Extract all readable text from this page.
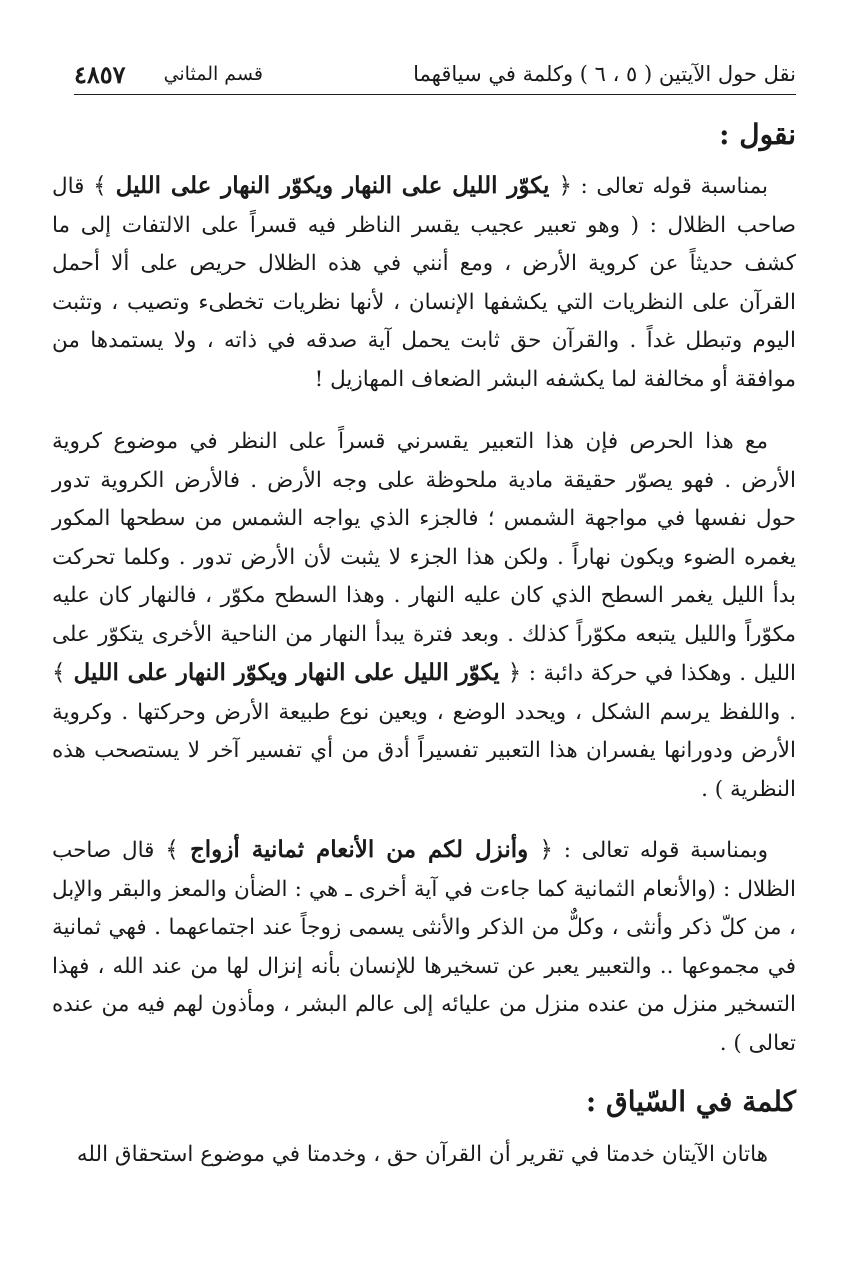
نقل حول الآيتين ( ٥ ، ٦ ) وكلمة في سياقهما
قسم المثاني
٤٨٥٧
نقول :

بمناسبة قوله تعالى : ﴿ يكوّر الليل على النهار ويكوّر النهار على الليل ﴾ قال صاحب الظلال : ( وهو تعبير عجيب يقسر الناظر فيه قسراً على الالتفات إلى ما كشف حديثاً عن كروية الأرض ، ومع أنني في هذه الظلال حريص على ألا أحمل القرآن على النظريات التي يكشفها الإنسان ، لأنها نظريات تخطىء وتصيب ، وتثبت اليوم وتبطل غداً . والقرآن حق ثابت يحمل آية صدقه في ذاته ، ولا يستمدها من موافقة أو مخالفة لما يكشفه البشر الضعاف المهازيل !

مع هذا الحرص فإن هذا التعبير يقسرني قسراً على النظر في موضوع كروية الأرض . فهو يصوّر حقيقة مادية ملحوظة على وجه الأرض . فالأرض الكروية تدور حول نفسها في مواجهة الشمس ؛ فالجزء الذي يواجه الشمس من سطحها المكور يغمره الضوء ويكون نهاراً . ولكن هذا الجزء لا يثبت لأن الأرض تدور . وكلما تحركت بدأ الليل يغمر السطح الذي كان عليه النهار . وهذا السطح مكوّر ، فالنهار كان عليه مكوّراً والليل يتبعه مكوّراً كذلك . وبعد فترة يبدأ النهار من الناحية الأخرى يتكوّر على الليل . وهكذا في حركة دائبة : ﴿ يكوّر الليل على النهار ويكوّر النهار على الليل ﴾ . واللفظ يرسم الشكل ، ويحدد الوضع ، ويعين نوع طبيعة الأرض وحركتها . وكروية الأرض ودورانها يفسران هذا التعبير تفسيراً أدق من أي تفسير آخر لا يستصحب هذه النظرية ) .

وبمناسبة قوله تعالى : ﴿ وأنزل لكم من الأنعام ثمانية أزواج ﴾ قال صاحب الظلال : (والأنعام الثمانية كما جاءت في آية أخرى ـ هي : الضأن والمعز والبقر والإبل ، من كلّ ذكر وأنثى ، وكلٌّ من الذكر والأنثى يسمى زوجاً عند اجتماعهما . فهي ثمانية في مجموعها .. والتعبير يعبر عن تسخيرها للإنسان بأنه إنزال لها من عند الله ، فهذا التسخير منزل من عنده منزل من عليائه إلى عالم البشر ، ومأذون لهم فيه من عنده تعالى ) .

كلمة في السّياق :

هاتان الآيتان خدمتا في تقرير أن القرآن حق ، وخدمتا في موضوع استحقاق الله
